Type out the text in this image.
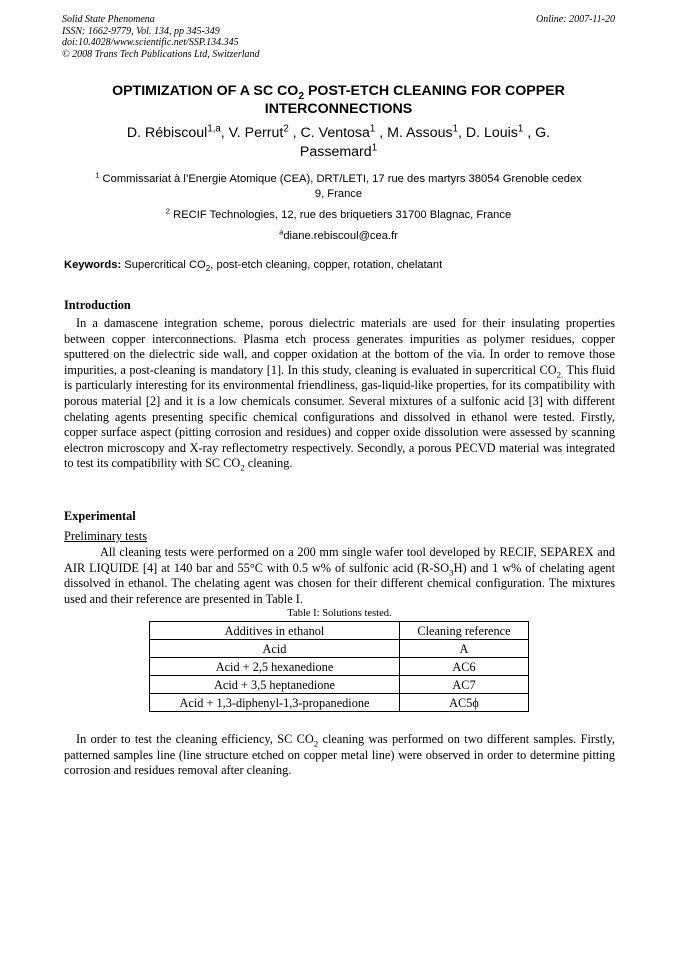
Solid State Phenomena
ISSN: 1662-9779, Vol. 134, pp 345-349
doi:10.4028/www.scientific.net/SSP.134.345
© 2008 Trans Tech Publications Ltd, Switzerland
Online: 2007-11-20
OPTIMIZATION OF A SC $CO_2$ POST-ETCH CLEANING FOR COPPER
INTERCONNECTIONS
D. Rébiscoul$^{1,a}$, V. Perrut$^2$ , C. Ventosa$^1$ , M. Assous$^1$, D. Louis$^1$ , G.
Passemard$^1$
$^1$ Commissariat à l’Energie Atomique (CEA), DRT/LETI, 17 rue des martyrs 38054 Grenoble cedex
9, France
$^2$ RECIF Technologies, 12, rue des briquetiers 31700 Blagnac, France
$^a$diane.rebiscoul@cea.fr
Keywords: Supercritical $CO_2$, post-etch cleaning, copper, rotation, chelatant
Introduction
In a damascene integration scheme, porous dielectric materials are used for their insulating properties between copper interconnections. Plasma etch process generates impurities as polymer residues, copper sputtered on the dielectric side wall, and copper oxidation at the bottom of the via. In order to remove those impurities, a post-cleaning is mandatory [1]. In this study, cleaning is evaluated in supercritical $CO_{2.}$ This fluid is particularly interesting for its environmental friendliness, gas-liquid-like properties, for its compatibility with porous material [2] and it is a low chemicals consumer. Several mixtures of a sulfonic acid [3] with different chelating agents presenting specific chemical configurations and dissolved in ethanol were tested. Firstly, copper surface aspect (pitting corrosion and residues) and copper oxide dissolution were assessed by scanning electron microscopy and X-ray reflectometry respectively. Secondly, a porous PECVD material was integrated to test its compatibility with SC $CO_2$ cleaning.
Experimental
Preliminary tests
All cleaning tests were performed on a 200 mm single wafer tool developed by RECIF, SEPAREX and AIR LIQUIDE [4] at 140 bar and 55°C with 0.5 w% of sulfonic acid $(R-SO_3H)$ and 1 w% of chelating agent dissolved in ethanol. The chelating agent was chosen for their different chemical configuration. The mixtures used and their reference are presented in Table I.
Table I: Solutions tested.
Additives in ethanol	Cleaning reference
Acid	A
Acid + 2,5 hexanedione	AC6
Acid + 3,5 heptanedione	AC7
Acid + 1,3-diphenyl-1,3-propanedione	AC5ϕ
In order to test the cleaning efficiency, SC $CO_2$ cleaning was performed on two different samples. Firstly, patterned samples line (line structure etched on copper metal line) were observed in order to determine pitting corrosion and residues removal after cleaning.
